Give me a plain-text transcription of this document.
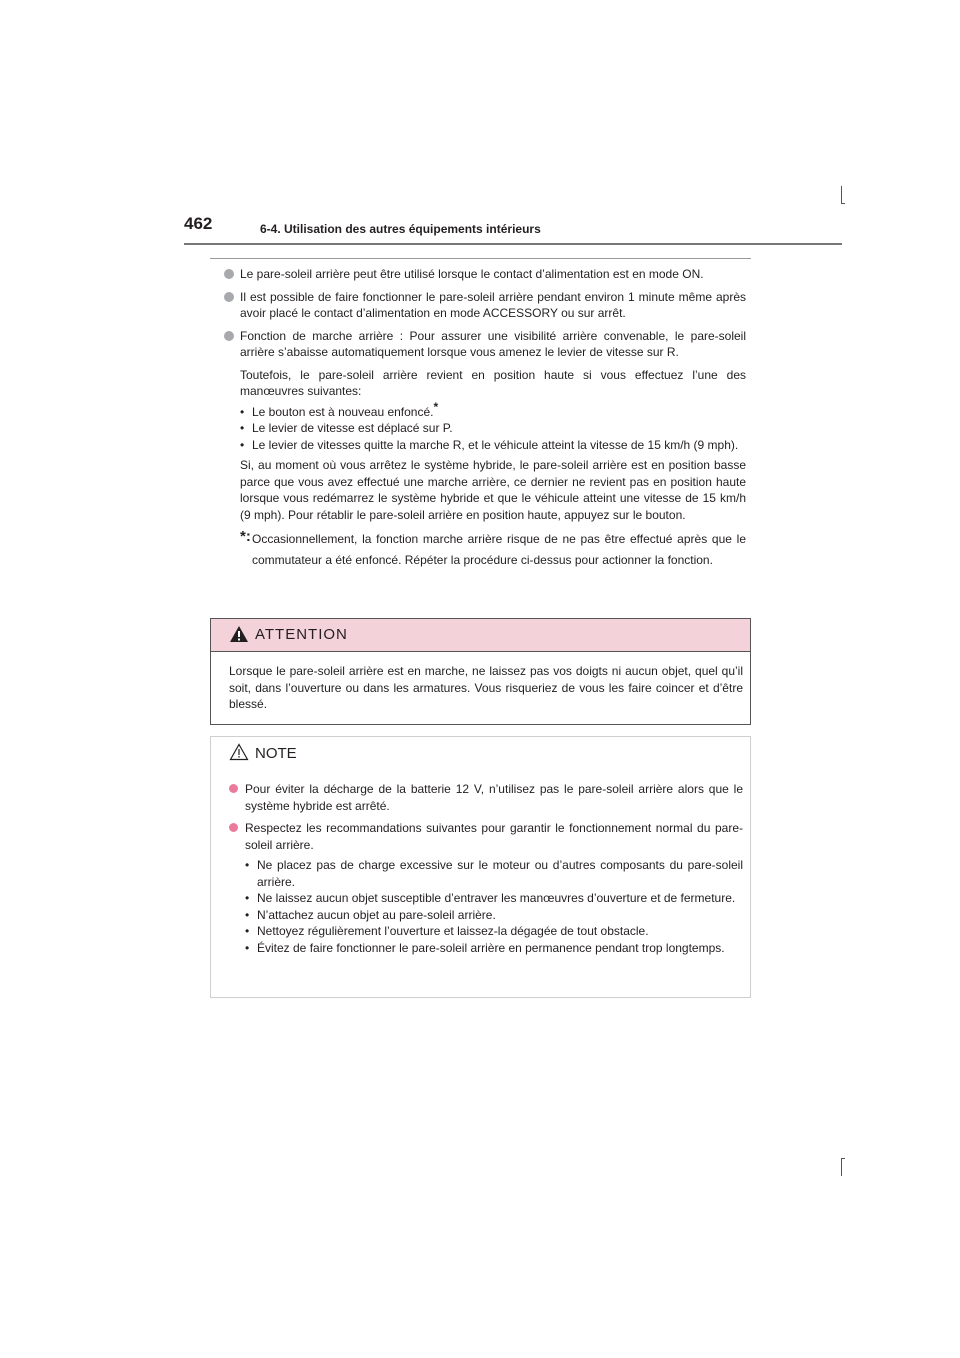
462	6-4. Utilisation des autres équipements intérieurs
Le pare-soleil arrière peut être utilisé lorsque le contact d’alimentation est en mode ON.
Il est possible de faire fonctionner le pare-soleil arrière pendant environ 1 minute même après avoir placé le contact d’alimentation en mode ACCESSORY ou sur arrêt.
Fonction de marche arrière : Pour assurer une visibilité arrière convenable, le pare-soleil arrière s’abaisse automatiquement lorsque vous amenez le levier de vitesse sur R.
Toutefois, le pare-soleil arrière revient en position haute si vous effectuez l’une des manœuvres suivantes:
• Le bouton est à nouveau enfoncé.*
• Le levier de vitesse est déplacé sur P.
• Le levier de vitesses quitte la marche R, et le véhicule atteint la vitesse de 15 km/h (9 mph).
Si, au moment où vous arrêtez le système hybride, le pare-soleil arrière est en position basse parce que vous avez effectué une marche arrière, ce dernier ne revient pas en position haute lorsque vous redémarrez le système hybride et que le véhicule atteint une vitesse de 15 km/h (9 mph). Pour rétablir le pare-soleil arrière en position haute, appuyez sur le bouton.
*: Occasionnellement, la fonction marche arrière risque de ne pas être effectué après que le commutateur a été enfoncé. Répéter la procédure ci-dessus pour actionner la fonction.
ATTENTION
Lorsque le pare-soleil arrière est en marche, ne laissez pas vos doigts ni aucun objet, quel qu’il soit, dans l’ouverture ou dans les armatures. Vous risqueriez de vous les faire coincer et d’être blessé.
NOTE
Pour éviter la décharge de la batterie 12 V, n’utilisez pas le pare-soleil arrière alors que le système hybride est arrêté.
Respectez les recommandations suivantes pour garantir le fonctionnement normal du pare-soleil arrière.
• Ne placez pas de charge excessive sur le moteur ou d’autres composants du pare-soleil arrière.
• Ne laissez aucun objet susceptible d’entraver les manœuvres d’ouverture et de fermeture.
• N’attachez aucun objet au pare-soleil arrière.
• Nettoyez régulièrement l’ouverture et laissez-la dégagée de tout obstacle.
• Évitez de faire fonctionner le pare-soleil arrière en permanence pendant trop longtemps.
